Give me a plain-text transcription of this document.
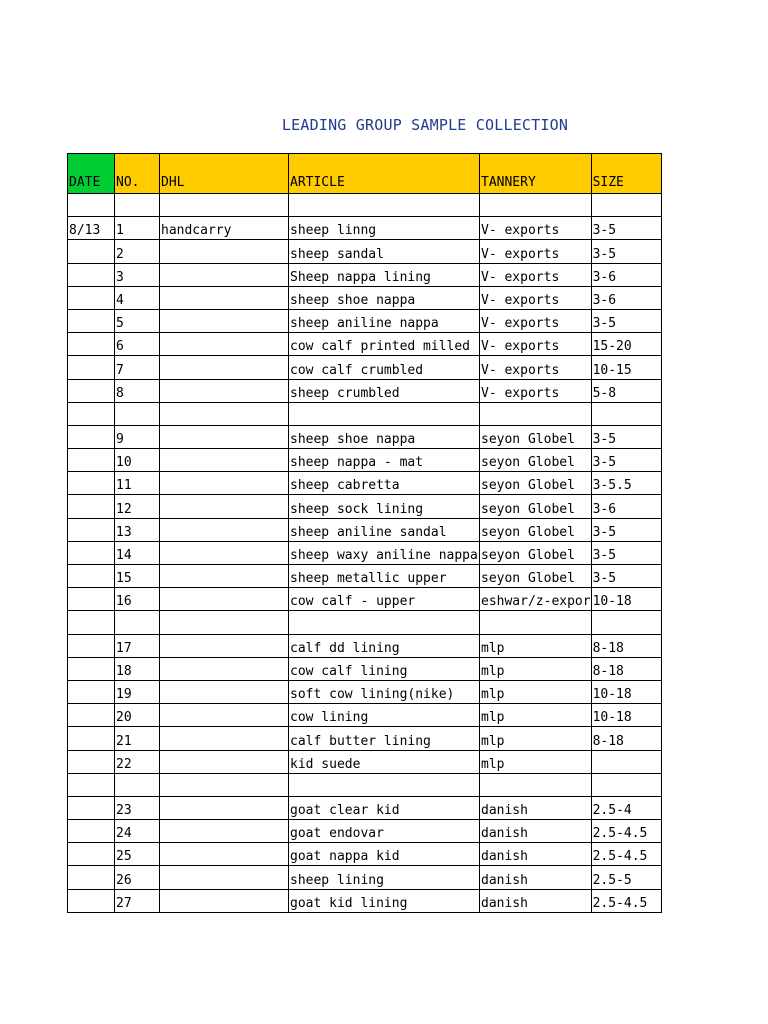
LEADING GROUP SAMPLE COLLECTION
DATE	NO.	DHL	ARTICLE	TANNERY	SIZE

8/13	1	handcarry	sheep linng	V- exports	3-5
	2		sheep sandal	V- exports	3-5
	3		Sheep nappa lining	V- exports	3-6
	4		sheep shoe nappa	V- exports	3-6
	5		sheep aniline nappa	V- exports	3-5
	6		cow calf printed milled	V- exports	15-20
	7		cow calf crumbled	V- exports	10-15
	8		sheep crumbled	V- exports	5-8

	9		sheep shoe nappa	seyon Globel	3-5
	10		sheep nappa - mat	seyon Globel	3-5
	11		sheep cabretta	seyon Globel	3-5.5
	12		sheep sock lining	seyon Globel	3-6
	13		sheep aniline sandal	seyon Globel	3-5
	14		sheep waxy aniline nappa	seyon Globel	3-5
	15		sheep metallic upper	seyon Globel	3-5
	16		cow calf - upper	eshwar/z-expor	10-18

	17		calf dd lining	mlp	8-18
	18		cow calf lining	mlp	8-18
	19		soft cow lining(nike)	mlp	10-18
	20		cow lining	mlp	10-18
	21		calf butter lining	mlp	8-18
	22		kid suede	mlp	

	23		goat clear kid	danish	2.5-4
	24		goat endovar	danish	2.5-4.5
	25		goat nappa kid	danish	2.5-4.5
	26		sheep lining	danish	2.5-5
	27		goat kid lining	danish	2.5-4.5
